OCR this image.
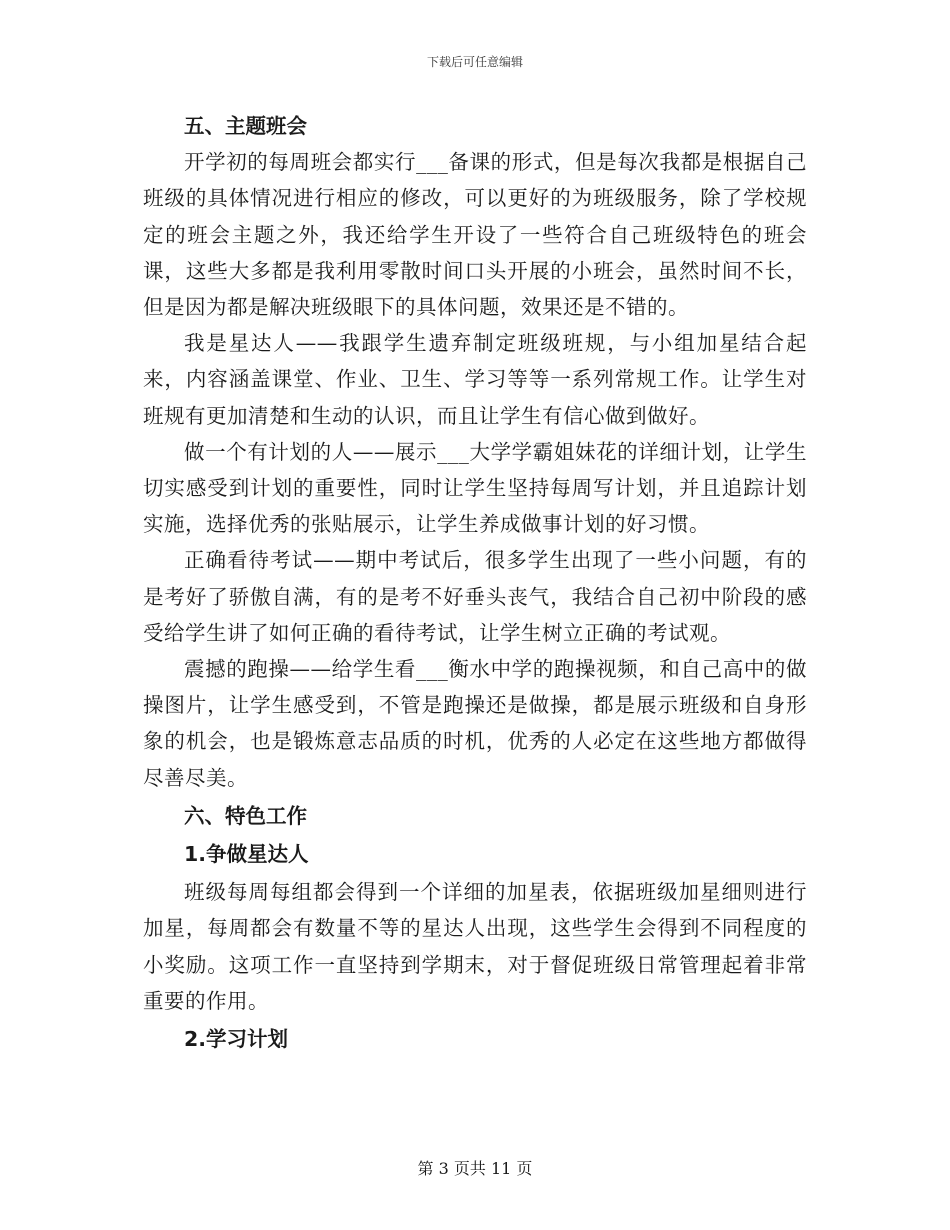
下载后可任意编辑
五、主题班会

开学初的每周班会都实行___备课的形式，但是每次我都是根据自己班级的具体情况进行相应的修改，可以更好的为班级服务，除了学校规定的班会主题之外，我还给学生开设了一些符合自己班级特色的班会课，这些大多都是我利用零散时间口头开展的小班会，虽然时间不长，但是因为都是解决班级眼下的具体问题，效果还是不错的。

我是星达人——我跟学生遗弃制定班级班规，与小组加星结合起来，内容涵盖课堂、作业、卫生、学习等等一系列常规工作。让学生对班规有更加清楚和生动的认识，而且让学生有信心做到做好。

做一个有计划的人——展示___大学学霸姐妹花的详细计划，让学生切实感受到计划的重要性，同时让学生坚持每周写计划，并且追踪计划实施，选择优秀的张贴展示，让学生养成做事计划的好习惯。

正确看待考试——期中考试后，很多学生出现了一些小问题，有的是考好了骄傲自满，有的是考不好垂头丧气，我结合自己初中阶段的感受给学生讲了如何正确的看待考试，让学生树立正确的考试观。

震撼的跑操——给学生看___衡水中学的跑操视频，和自己高中的做操图片，让学生感受到，不管是跑操还是做操，都是展示班级和自身形象的机会，也是锻炼意志品质的时机，优秀的人必定在这些地方都做得尽善尽美。

六、特色工作
1.争做星达人

班级每周每组都会得到一个详细的加星表，依据班级加星细则进行加星，每周都会有数量不等的星达人出现，这些学生会得到不同程度的小奖励。这项工作一直坚持到学期末，对于督促班级日常管理起着非常重要的作用。

2.学习计划
第 3 页共 11 页
